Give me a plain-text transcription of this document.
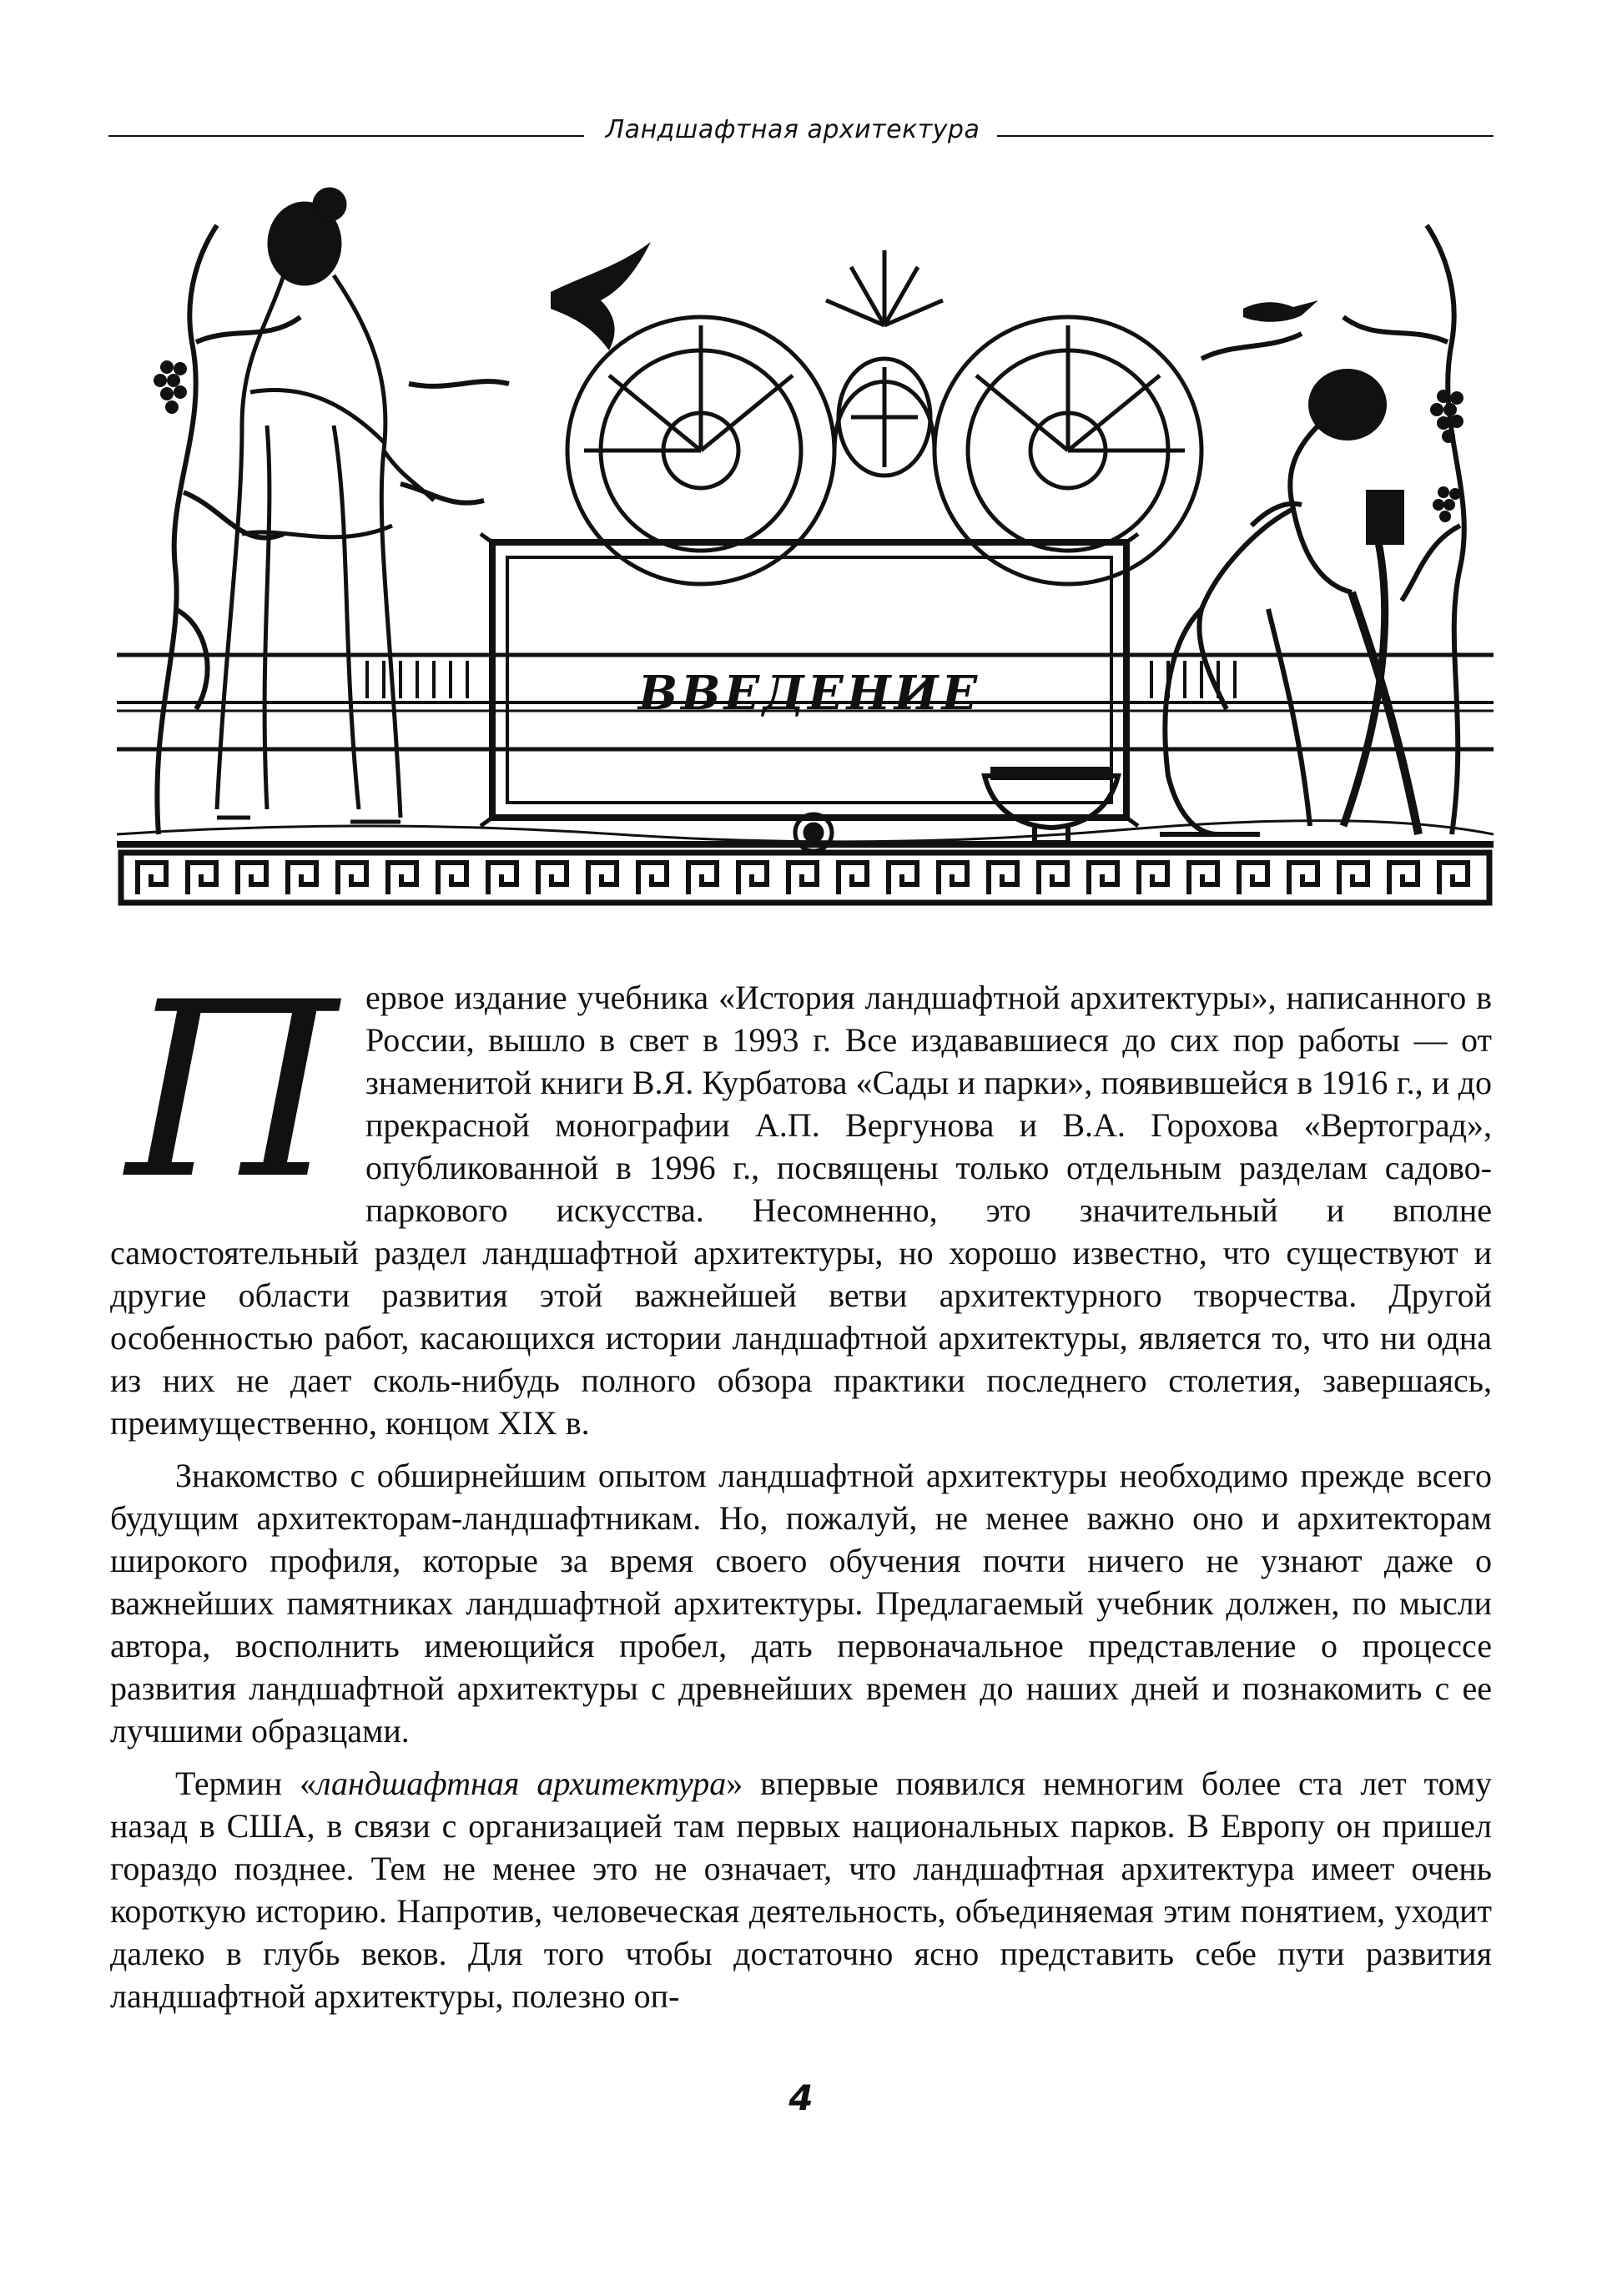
Ландшафтная архитектура
ВВЕДЕНИЕ

П ервое издание учебника «История ландшафтной архитектуры», написанного в России, вышло в свет в 1993 г. Все издававшиеся до сих пор работы — от знаменитой книги В.Я. Курбатова «Сады и парки», появившейся в 1916 г., и до прекрасной монографии А.П. Вергунова и В.А. Горохова «Вертоград», опубликованной в 1996 г., посвящены только отдельным разделам садово-паркового искусства. Несомненно, это значительный и вполне самостоятельный раздел ландшафтной архитектуры, но хорошо известно, что существуют и другие области развития этой важнейшей ветви архитектурного творчества. Другой особенностью работ, касающихся истории ландшафтной архитектуры, является то, что ни одна из них не дает сколь-нибудь полного обзора практики последнего столетия, завершаясь, преимущественно, концом XIX в.

Знакомство с обширнейшим опытом ландшафтной архитектуры необходимо прежде всего будущим архитекторам-ландшафтникам. Но, пожалуй, не менее важно оно и архитекторам широкого профиля, которые за время своего обучения почти ничего не узнают даже о важнейших памятниках ландшафтной архитектуры. Предлагаемый учебник должен, по мысли автора, восполнить имеющийся пробел, дать первоначальное представление о процессе развития ландшафтной архитектуры с древнейших времен до наших дней и познакомить с ее лучшими образцами.

Термин «ландшафтная архитектура» впервые появился немногим более ста лет тому назад в США, в связи с организацией там первых национальных парков. В Европу он пришел гораздо позднее. Тем не менее это не означает, что ландшафтная архитектура имеет очень короткую историю. Напротив, человеческая деятельность, объединяемая этим понятием, уходит далеко в глубь веков. Для того чтобы достаточно ясно представить себе пути развития ландшафтной архитектуры, полезно оп-

4
